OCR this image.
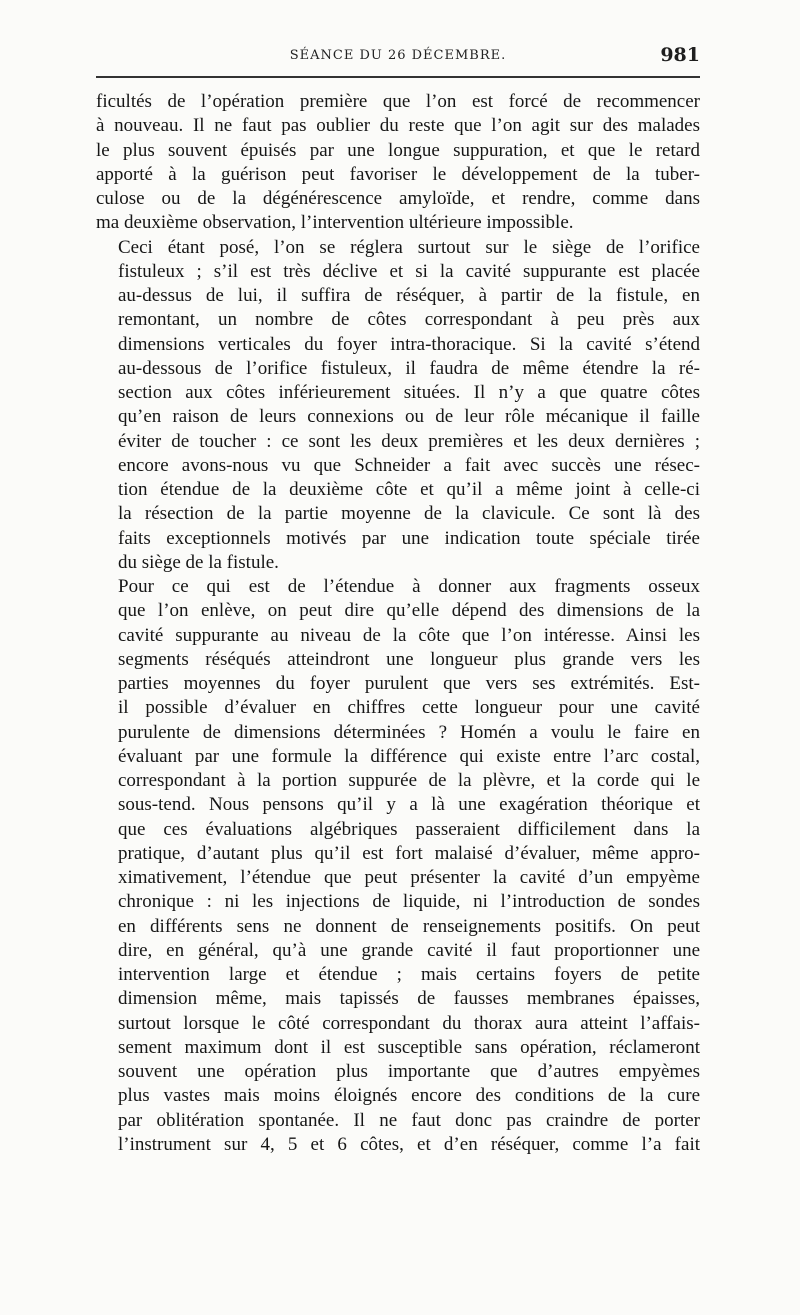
SÉANCE DU 26 DÉCEMBRE.	981
ficultés de l’opération première que l’on est forcé de recommencer
à nouveau. Il ne faut pas oublier du reste que l’on agit sur des malades
le plus souvent épuisés par une longue suppuration, et que le retard
apporté à la guérison peut favoriser le développement de la tuber-
culose ou de la dégénérescence amyloïde, et rendre, comme dans
ma deuxième observation, l’intervention ultérieure impossible.
Ceci étant posé, l’on se réglera surtout sur le siège de l’orifice
fistuleux ; s’il est très déclive et si la cavité suppurante est placée
au-dessus de lui, il suffira de réséquer, à partir de la fistule, en
remontant, un nombre de côtes correspondant à peu près aux
dimensions verticales du foyer intra-thoracique. Si la cavité s’étend
au-dessous de l’orifice fistuleux, il faudra de même étendre la ré-
section aux côtes inférieurement situées. Il n’y a que quatre côtes
qu’en raison de leurs connexions ou de leur rôle mécanique il faille
éviter de toucher : ce sont les deux premières et les deux dernières ;
encore avons-nous vu que Schneider a fait avec succès une résec-
tion étendue de la deuxième côte et qu’il a même joint à celle-ci
la résection de la partie moyenne de la clavicule. Ce sont là des
faits exceptionnels motivés par une indication toute spéciale tirée
du siège de la fistule.
Pour ce qui est de l’étendue à donner aux fragments osseux
que l’on enlève, on peut dire qu’elle dépend des dimensions de la
cavité suppurante au niveau de la côte que l’on intéresse. Ainsi les
segments réséqués atteindront une longueur plus grande vers les
parties moyennes du foyer purulent que vers ses extrémités. Est-
il possible d’évaluer en chiffres cette longueur pour une cavité
purulente de dimensions déterminées ? Homén a voulu le faire en
évaluant par une formule la différence qui existe entre l’arc costal,
correspondant à la portion suppurée de la plèvre, et la corde qui le
sous-tend. Nous pensons qu’il y a là une exagération théorique et
que ces évaluations algébriques passeraient difficilement dans la
pratique, d’autant plus qu’il est fort malaisé d’évaluer, même appro-
ximativement, l’étendue que peut présenter la cavité d’un empyème
chronique : ni les injections de liquide, ni l’introduction de sondes
en différents sens ne donnent de renseignements positifs. On peut
dire, en général, qu’à une grande cavité il faut proportionner une
intervention large et étendue ; mais certains foyers de petite
dimension même, mais tapissés de fausses membranes épaisses,
surtout lorsque le côté correspondant du thorax aura atteint l’affais-
sement maximum dont il est susceptible sans opération, réclameront
souvent une opération plus importante que d’autres empyèmes
plus vastes mais moins éloignés encore des conditions de la cure
par oblitération spontanée. Il ne faut donc pas craindre de porter
l’instrument sur 4, 5 et 6 côtes, et d’en réséquer, comme l’a fait
